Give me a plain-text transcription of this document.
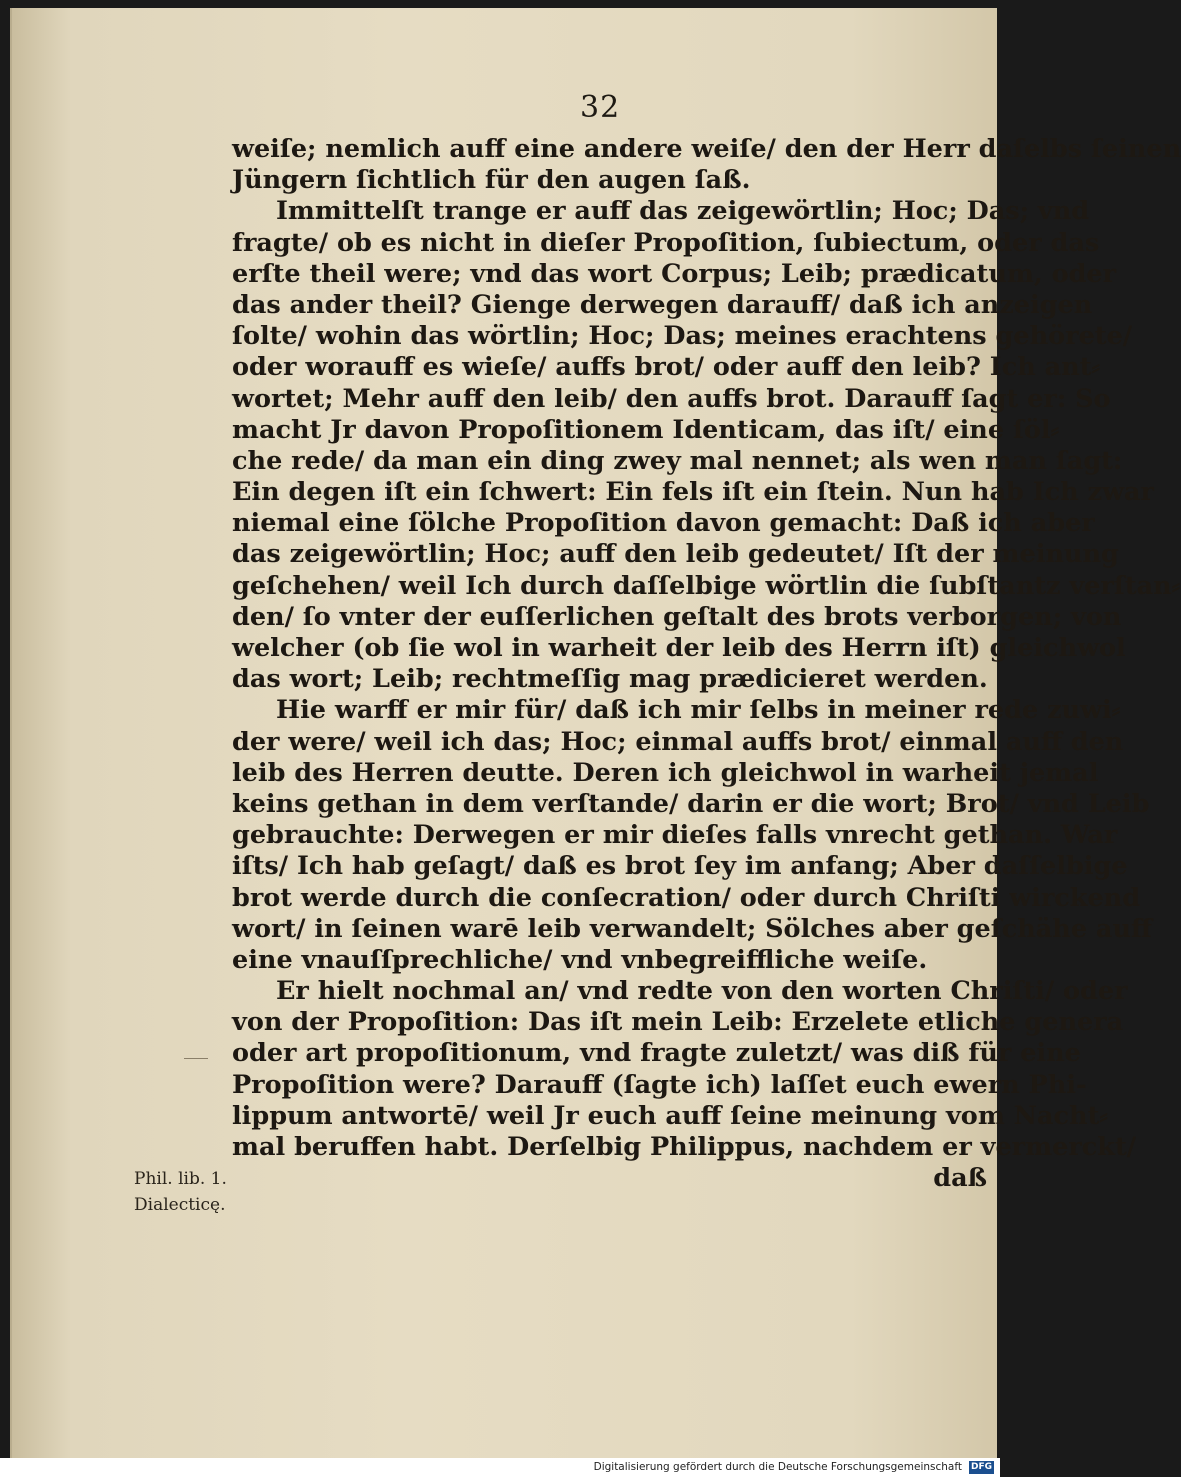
32
weiſe; nemlich auff eine andere weiſe/ den der Herr daſelbs ſeinen
Jüngern ſichtlich für den augen ſaß.
Immittelſt trange er auff das zeigewörtlin; Hoc; Das; vnd
fragte/ ob es nicht in dieſer Propoſition, ſubiectum, oder das
erſte theil were; vnd das wort Corpus; Leib; prædicatum, oder
das ander theil? Gienge derwegen darauff/ daß ich anzeigen
ſolte/ wohin das wörtlin; Hoc; Das; meines erachtens gehörete/
oder worauff es wieſe/ auffs brot/ oder auff den leib? Ich ant⸗
wortet; Mehr auff den leib/ den auffs brot. Darauff ſagt er: So
macht Jr davon Propoſitionem Identicam, das iſt/ eine ſöl⸗
che rede/ da man ein ding zwey mal nennet; als wen man ſagt:
Ein degen iſt ein ſchwert: Ein fels iſt ein ſtein. Nun hab Ich zwar
niemal eine ſölche Propoſition davon gemacht: Daß ich aber
das zeigewörtlin; Hoc; auff den leib gedeutet/ Iſt der meinung
geſchehen/ weil Ich durch daſſelbige wörtlin die ſubſtantz verſtan⸗
den/ ſo vnter der euſſerlichen geſtalt des brots verborgen; von
welcher (ob ſie wol in warheit der leib des Herrn iſt) gleichwol
das wort; Leib; rechtmeſſig mag prædicieret werden.
Hie warff er mir für/ daß ich mir ſelbs in meiner rede zuwi⸗
der were/ weil ich das; Hoc; einmal auffs brot/ einmal auff den
leib des Herren deutte. Deren ich gleichwol in warheit jemal
keins gethan in dem verſtande/ darin er die wort; Brot/ vnd Leib
gebrauchte: Derwegen er mir dieſes falls vnrecht gethan. War
iſts/ Ich hab geſagt/ daß es brot ſey im anfang; Aber daſſelbige
brot werde durch die conſecration/ oder durch Chriſti wirckend
wort/ in ſeinen warē leib verwandelt; Sölches aber geſchähe auff
eine vnauſſprechliche/ vnd vnbegreiffliche weiſe.
Er hielt nochmal an/ vnd redte von den worten Chriſti/ oder
von der Propoſition: Das iſt mein Leib: Erzelete etliche genera
oder art propoſitionum, vnd fragte zuletzt/ was diß für eine
Propoſition were? Darauff (ſagte ich) laſſet euch ewern Phi-
lippum antwortē/ weil Jr euch auff ſeine meinung vom Nacht⸗
mal beruffen habt. Derſelbig Philippus, nachdem er vermerckt/
daß
Phil. lib. 1.
Dialecticę.
Digitalisierung gefördert durch die Deutsche Forschungsgemeinschaft DFG
